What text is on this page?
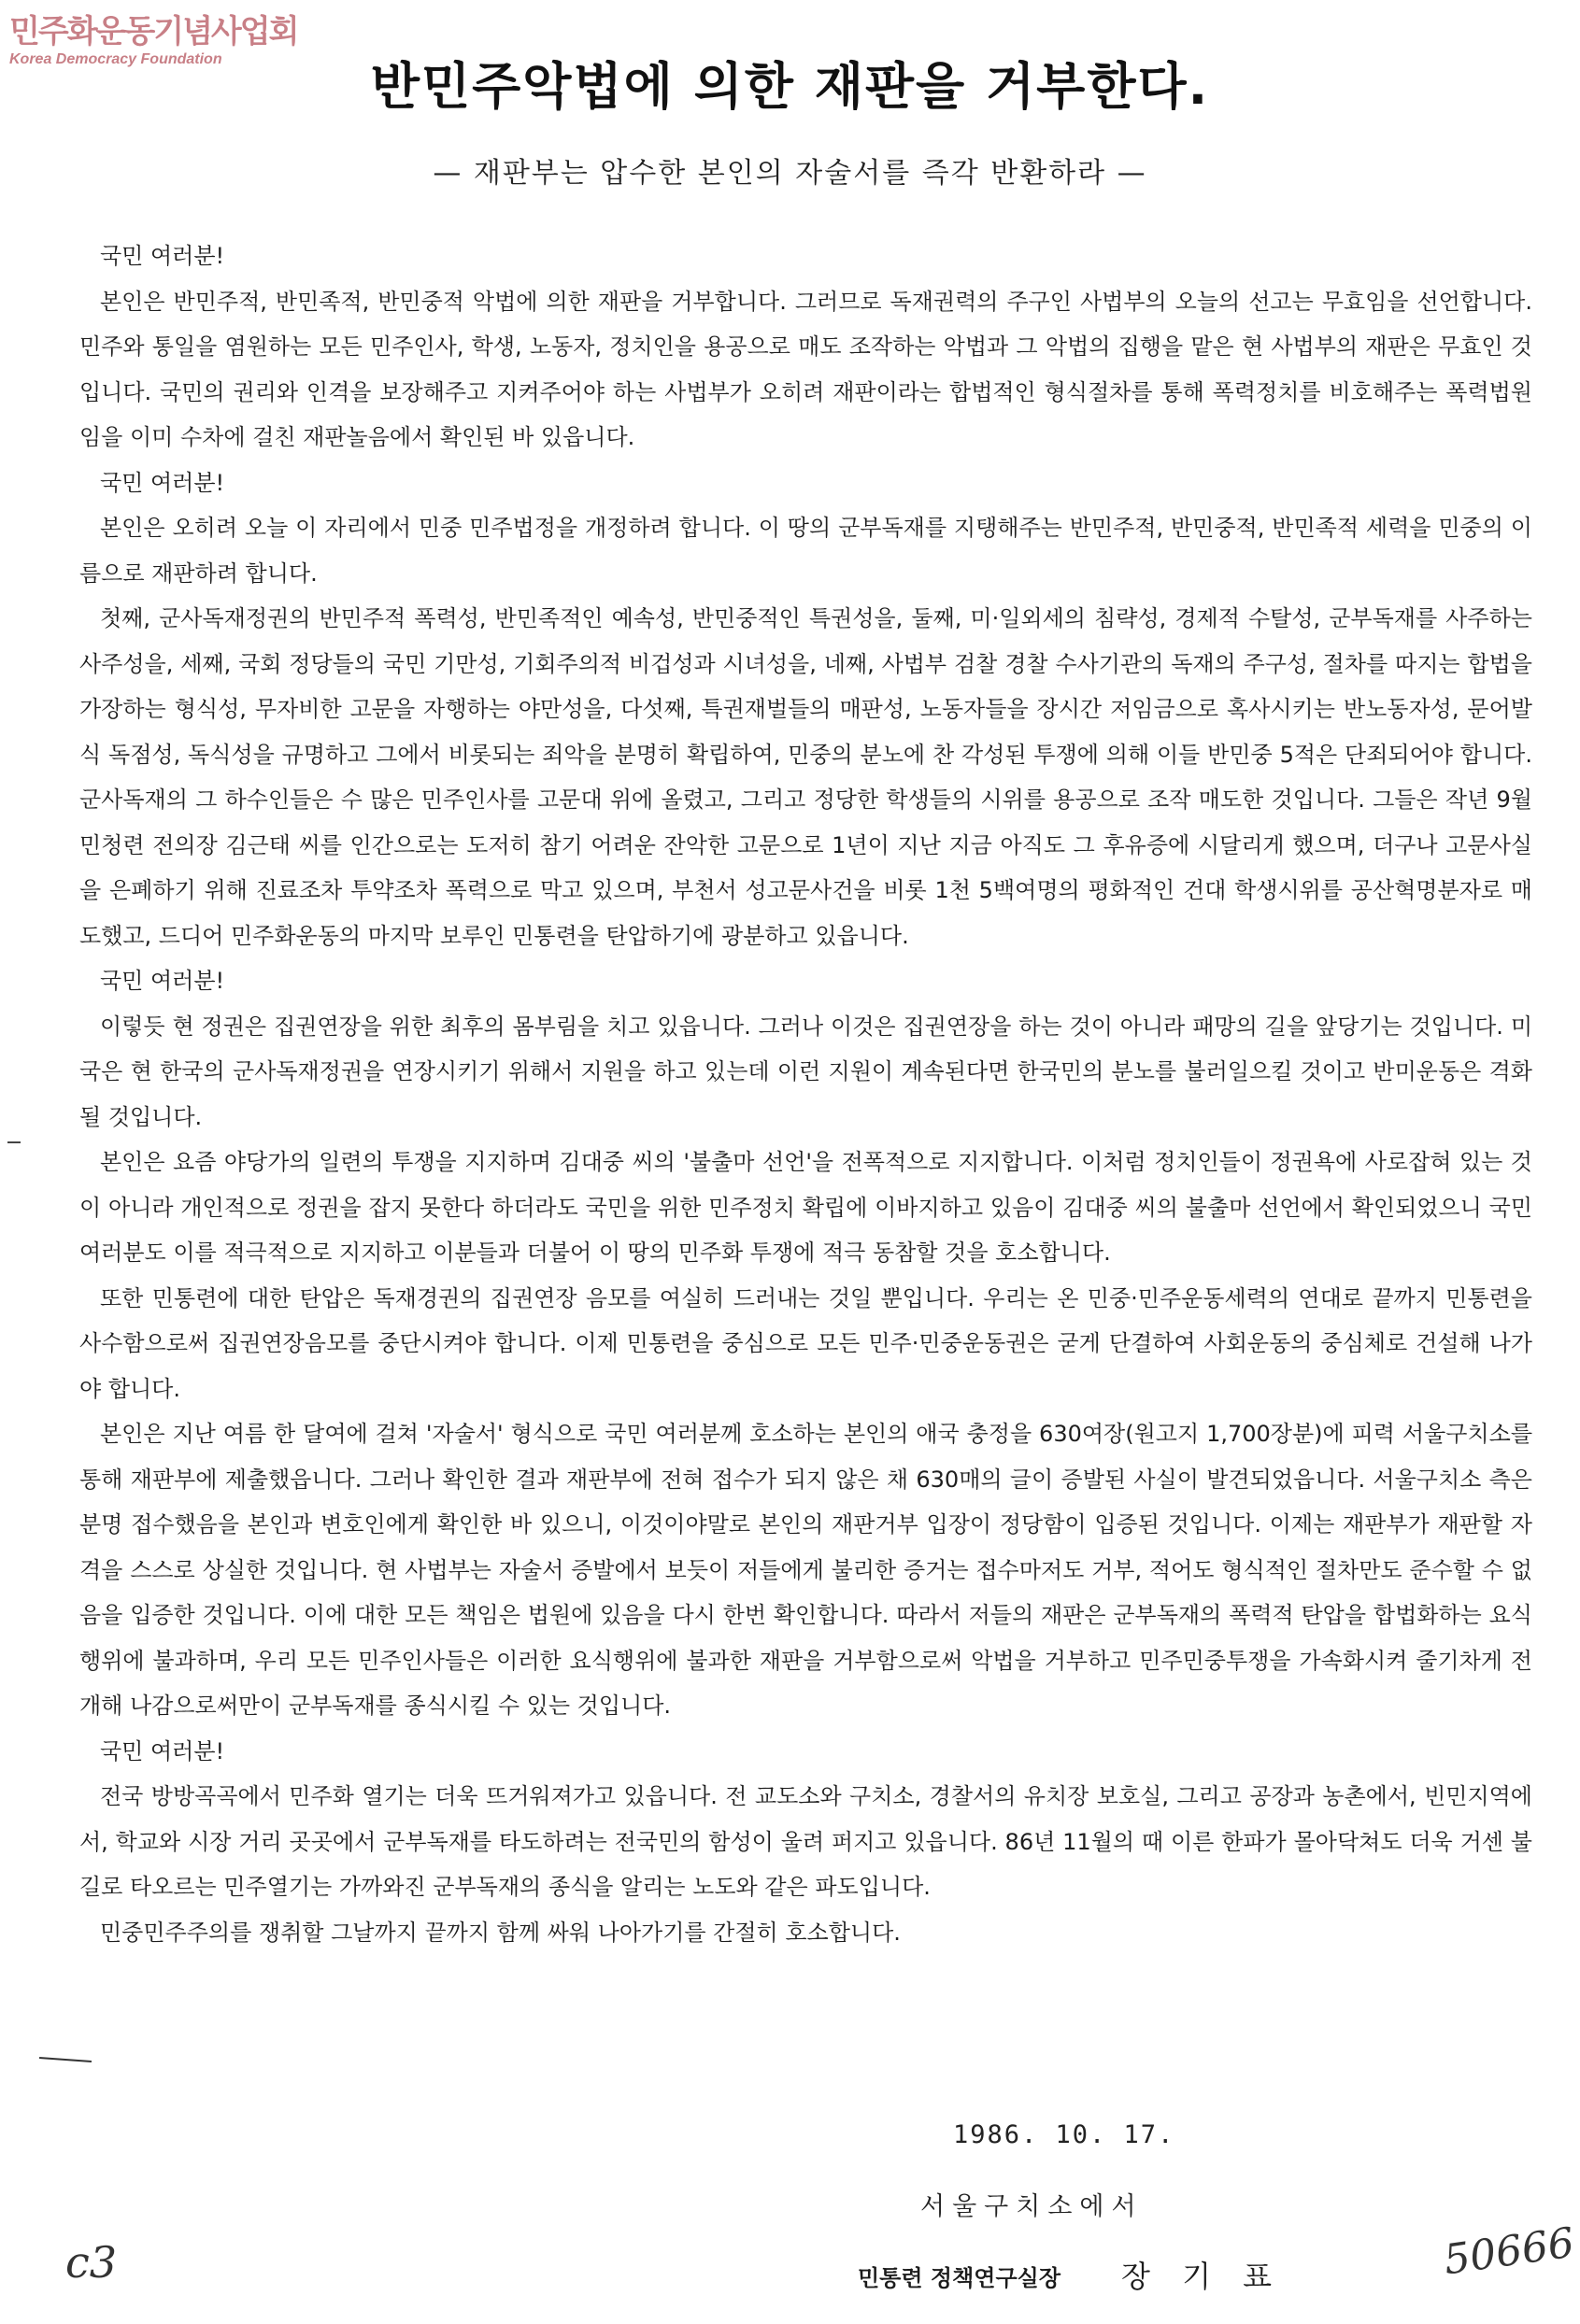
민주화운동기념사업회
Korea Democracy Foundation	반민주악법에 의한 재판을 거부한다.
— 재판부는 압수한 본인의 자술서를 즉각 반환하라 —

국민 여러분!

본인은 반민주적, 반민족적, 반민중적 악법에 의한 재판을 거부합니다. 그러므로 독재권력의 주구인 사법부의 오늘의 선고는 무효임을 선언합니다. 민주와 통일을 염원하는 모든 민주인사, 학생, 노동자, 정치인을 용공으로 매도 조작하는 악법과 그 악법의 집행을 맡은 현 사법부의 재판은 무효인 것입니다. 국민의 권리와 인격을 보장해주고 지켜주어야 하는 사법부가 오히려 재판이라는 합법적인 형식절차를 통해 폭력정치를 비호해주는 폭력법원임을 이미 수차에 걸친 재판놀음에서 확인된 바 있읍니다.

국민 여러분!

본인은 오히려 오늘 이 자리에서 민중 민주법정을 개정하려 합니다. 이 땅의 군부독재를 지탱해주는 반민주적, 반민중적, 반민족적 세력을 민중의 이름으로 재판하려 합니다.

첫째, 군사독재정권의 반민주적 폭력성, 반민족적인 예속성, 반민중적인 특권성을, 둘째, 미·일외세의 침략성, 경제적 수탈성, 군부독재를 사주하는 사주성을, 세째, 국회 정당들의 국민 기만성, 기회주의적 비겁성과 시녀성을, 네째, 사법부 검찰 경찰 수사기관의 독재의 주구성, 절차를 따지는 합법을 가장하는 형식성, 무자비한 고문을 자행하는 야만성을, 다섯째, 특권재벌들의 매판성, 노동자들을 장시간 저임금으로 혹사시키는 반노동자성, 문어발식 독점성, 독식성을 규명하고 그에서 비롯되는 죄악을 분명히 확립하여, 민중의 분노에 찬 각성된 투쟁에 의해 이들 반민중 5적은 단죄되어야 합니다. 군사독재의 그 하수인들은 수 많은 민주인사를 고문대 위에 올렸고, 그리고 정당한 학생들의 시위를 용공으로 조작 매도한 것입니다. 그들은 작년 9월 민청련 전의장 김근태 씨를 인간으로는 도저히 참기 어려운 잔악한 고문으로 1년이 지난 지금 아직도 그 후유증에 시달리게 했으며, 더구나 고문사실을 은폐하기 위해 진료조차 투약조차 폭력으로 막고 있으며, 부천서 성고문사건을 비롯 1천 5백여명의 평화적인 건대 학생시위를 공산혁명분자로 매도했고, 드디어 민주화운동의 마지막 보루인 민통련을 탄압하기에 광분하고 있읍니다.

국민 여러분!

이렇듯 현 정권은 집권연장을 위한 최후의 몸부림을 치고 있읍니다. 그러나 이것은 집권연장을 하는 것이 아니라 패망의 길을 앞당기는 것입니다. 미국은 현 한국의 군사독재정권을 연장시키기 위해서 지원을 하고 있는데 이런 지원이 계속된다면 한국민의 분노를 불러일으킬 것이고 반미운동은 격화될 것입니다.

본인은 요즘 야당가의 일련의 투쟁을 지지하며 김대중 씨의 '불출마 선언'을 전폭적으로 지지합니다. 이처럼 정치인들이 정권욕에 사로잡혀 있는 것이 아니라 개인적으로 정권을 잡지 못한다 하더라도 국민을 위한 민주정치 확립에 이바지하고 있음이 김대중 씨의 불출마 선언에서 확인되었으니 국민 여러분도 이를 적극적으로 지지하고 이분들과 더불어 이 땅의 민주화 투쟁에 적극 동참할 것을 호소합니다.

또한 민통련에 대한 탄압은 독재경권의 집권연장 음모를 여실히 드러내는 것일 뿐입니다. 우리는 온 민중·민주운동세력의 연대로 끝까지 민통련을 사수함으로써 집권연장음모를 중단시켜야 합니다. 이제 민통련을 중심으로 모든 민주·민중운동권은 굳게 단결하여 사회운동의 중심체로 건설해 나가야 합니다.

본인은 지난 여름 한 달여에 걸쳐 '자술서' 형식으로 국민 여러분께 호소하는 본인의 애국 충정을 630여장(원고지 1,700장분)에 피력 서울구치소를 통해 재판부에 제출했읍니다. 그러나 확인한 결과 재판부에 전혀 접수가 되지 않은 채 630매의 글이 증발된 사실이 발견되었읍니다. 서울구치소 측은 분명 접수했음을 본인과 변호인에게 확인한 바 있으니, 이것이야말로 본인의 재판거부 입장이 정당함이 입증된 것입니다. 이제는 재판부가 재판할 자격을 스스로 상실한 것입니다. 현 사법부는 자술서 증발에서 보듯이 저들에게 불리한 증거는 접수마저도 거부, 적어도 형식적인 절차만도 준수할 수 없음을 입증한 것입니다. 이에 대한 모든 책임은 법원에 있음을 다시 한번 확인합니다. 따라서 저들의 재판은 군부독재의 폭력적 탄압을 합법화하는 요식행위에 불과하며, 우리 모든 민주인사들은 이러한 요식행위에 불과한 재판을 거부함으로써 악법을 거부하고 민주민중투쟁을 가속화시켜 줄기차게 전개해 나감으로써만이 군부독재를 종식시킬 수 있는 것입니다.

국민 여러분!

전국 방방곡곡에서 민주화 열기는 더욱 뜨거워져가고 있읍니다. 전 교도소와 구치소, 경찰서의 유치장 보호실, 그리고 공장과 농촌에서, 빈민지역에서, 학교와 시장 거리 곳곳에서 군부독재를 타도하려는 전국민의 함성이 울려 퍼지고 있읍니다. 86년 11월의 때 이른 한파가 몰아닥쳐도 더욱 거센 불길로 타오르는 민주열기는 가까와진 군부독재의 종식을 알리는 노도와 같은 파도입니다.

민중민주주의를 쟁취할 그날까지 끝까지 함께 싸워 나아가기를 간절히 호소합니다.

1986. 10. 17.
서울구치소에서
민통련 정책연구실장 장 기 표
c3	50666
